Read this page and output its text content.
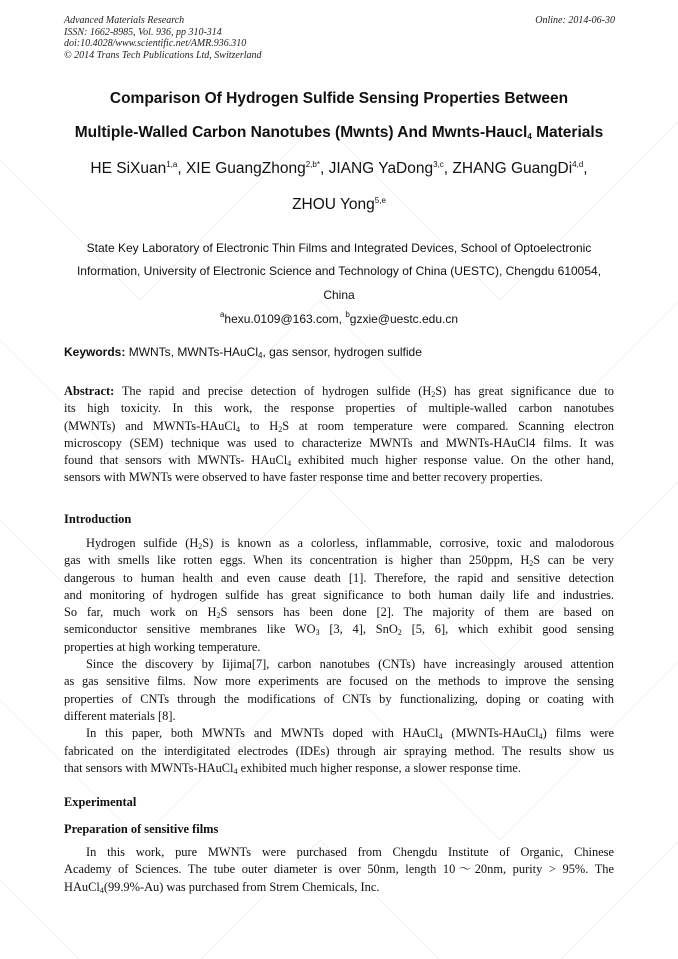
Advanced Materials Research
ISSN: 1662-8985, Vol. 936, pp 310-314
doi:10.4028/www.scientific.net/AMR.936.310
© 2014 Trans Tech Publications Ltd, Switzerland
Online: 2014-06-30
Comparison Of Hydrogen Sulfide Sensing Properties Between
Multiple-Walled Carbon Nanotubes (Mwnts) And Mwnts-Haucl$_4$ Materials
HE SiXuan$^{1,a}$, XIE GuangZhong$^{2,b*}$, JIANG YaDong$^{3,c}$, ZHANG GuangDi$^{4,d}$,
ZHOU Yong$^{5,e}$
State Key Laboratory of Electronic Thin Films and Integrated Devices, School of Optoelectronic
Information, University of Electronic Science and Technology of China (UESTC), Chengdu 610054,
China
$^a$hexu.0109@163.com, $^b$gzxie@uestc.edu.cn
Keywords: MWNTs, MWNTs-HAuCl$_4$, gas sensor, hydrogen sulfide
Abstract: The rapid and precise detection of hydrogen sulfide $(H_2S)$ has great significance due to
its high toxicity. In this work, the response properties of multiple-walled carbon nanotubes
(MWNTs) and MWNTs-HAuCl$_4$ to $H_2S$ at room temperature were compared. Scanning electron
microscopy (SEM) technique was used to characterize MWNTs and MWNTs-HAuCl4 films. It was
found that sensors with MWNTs- HAuCl$_4$ exhibited much higher response value. On the other hand,
sensors with MWNTs were observed to have faster response time and better recovery properties.
Introduction
Hydrogen sulfide $(H_2S)$ is known as a colorless, inflammable, corrosive, toxic and malodorous
gas with smells like rotten eggs. When its concentration is higher than 250ppm, $H_2S$ can be very
dangerous to human health and even cause death [1]. Therefore, the rapid and sensitive detection
and monitoring of hydrogen sulfide has great significance to both human daily life and industries.
So far, much work on $H_2S$ sensors has been done [2]. The majority of them are based on
semiconductor sensitive membranes like $WO_3$ [3, 4], SnO$_2$ [5, 6], which exhibit good sensing
properties at high working temperature.
Since the discovery by Iijima[7], carbon nanotubes (CNTs) have increasingly aroused attention
as gas sensitive films. Now more experiments are focused on the methods to improve the sensing
properties of CNTs through the modifications of CNTs by functionalizing, doping or coating with
different materials [8].
In this paper, both MWNTs and MWNTs doped with HAuCl$_4$ (MWNTs-HAuCl$_4$) films were
fabricated on the interdigitated electrodes (IDEs) through air spraying method. The results show us
that sensors with MWNTs-HAuCl$_4$ exhibited much higher response, a slower response time.
Experimental
Preparation of sensitive films
In this work, pure MWNTs were purchased from Chengdu Institute of Organic, Chinese
Academy of Sciences. The tube outer diameter is over 50nm, length 10～20nm, purity > 95%. The
HAuCl$_4$(99.9%-Au) was purchased from Strem Chemicals, Inc.
